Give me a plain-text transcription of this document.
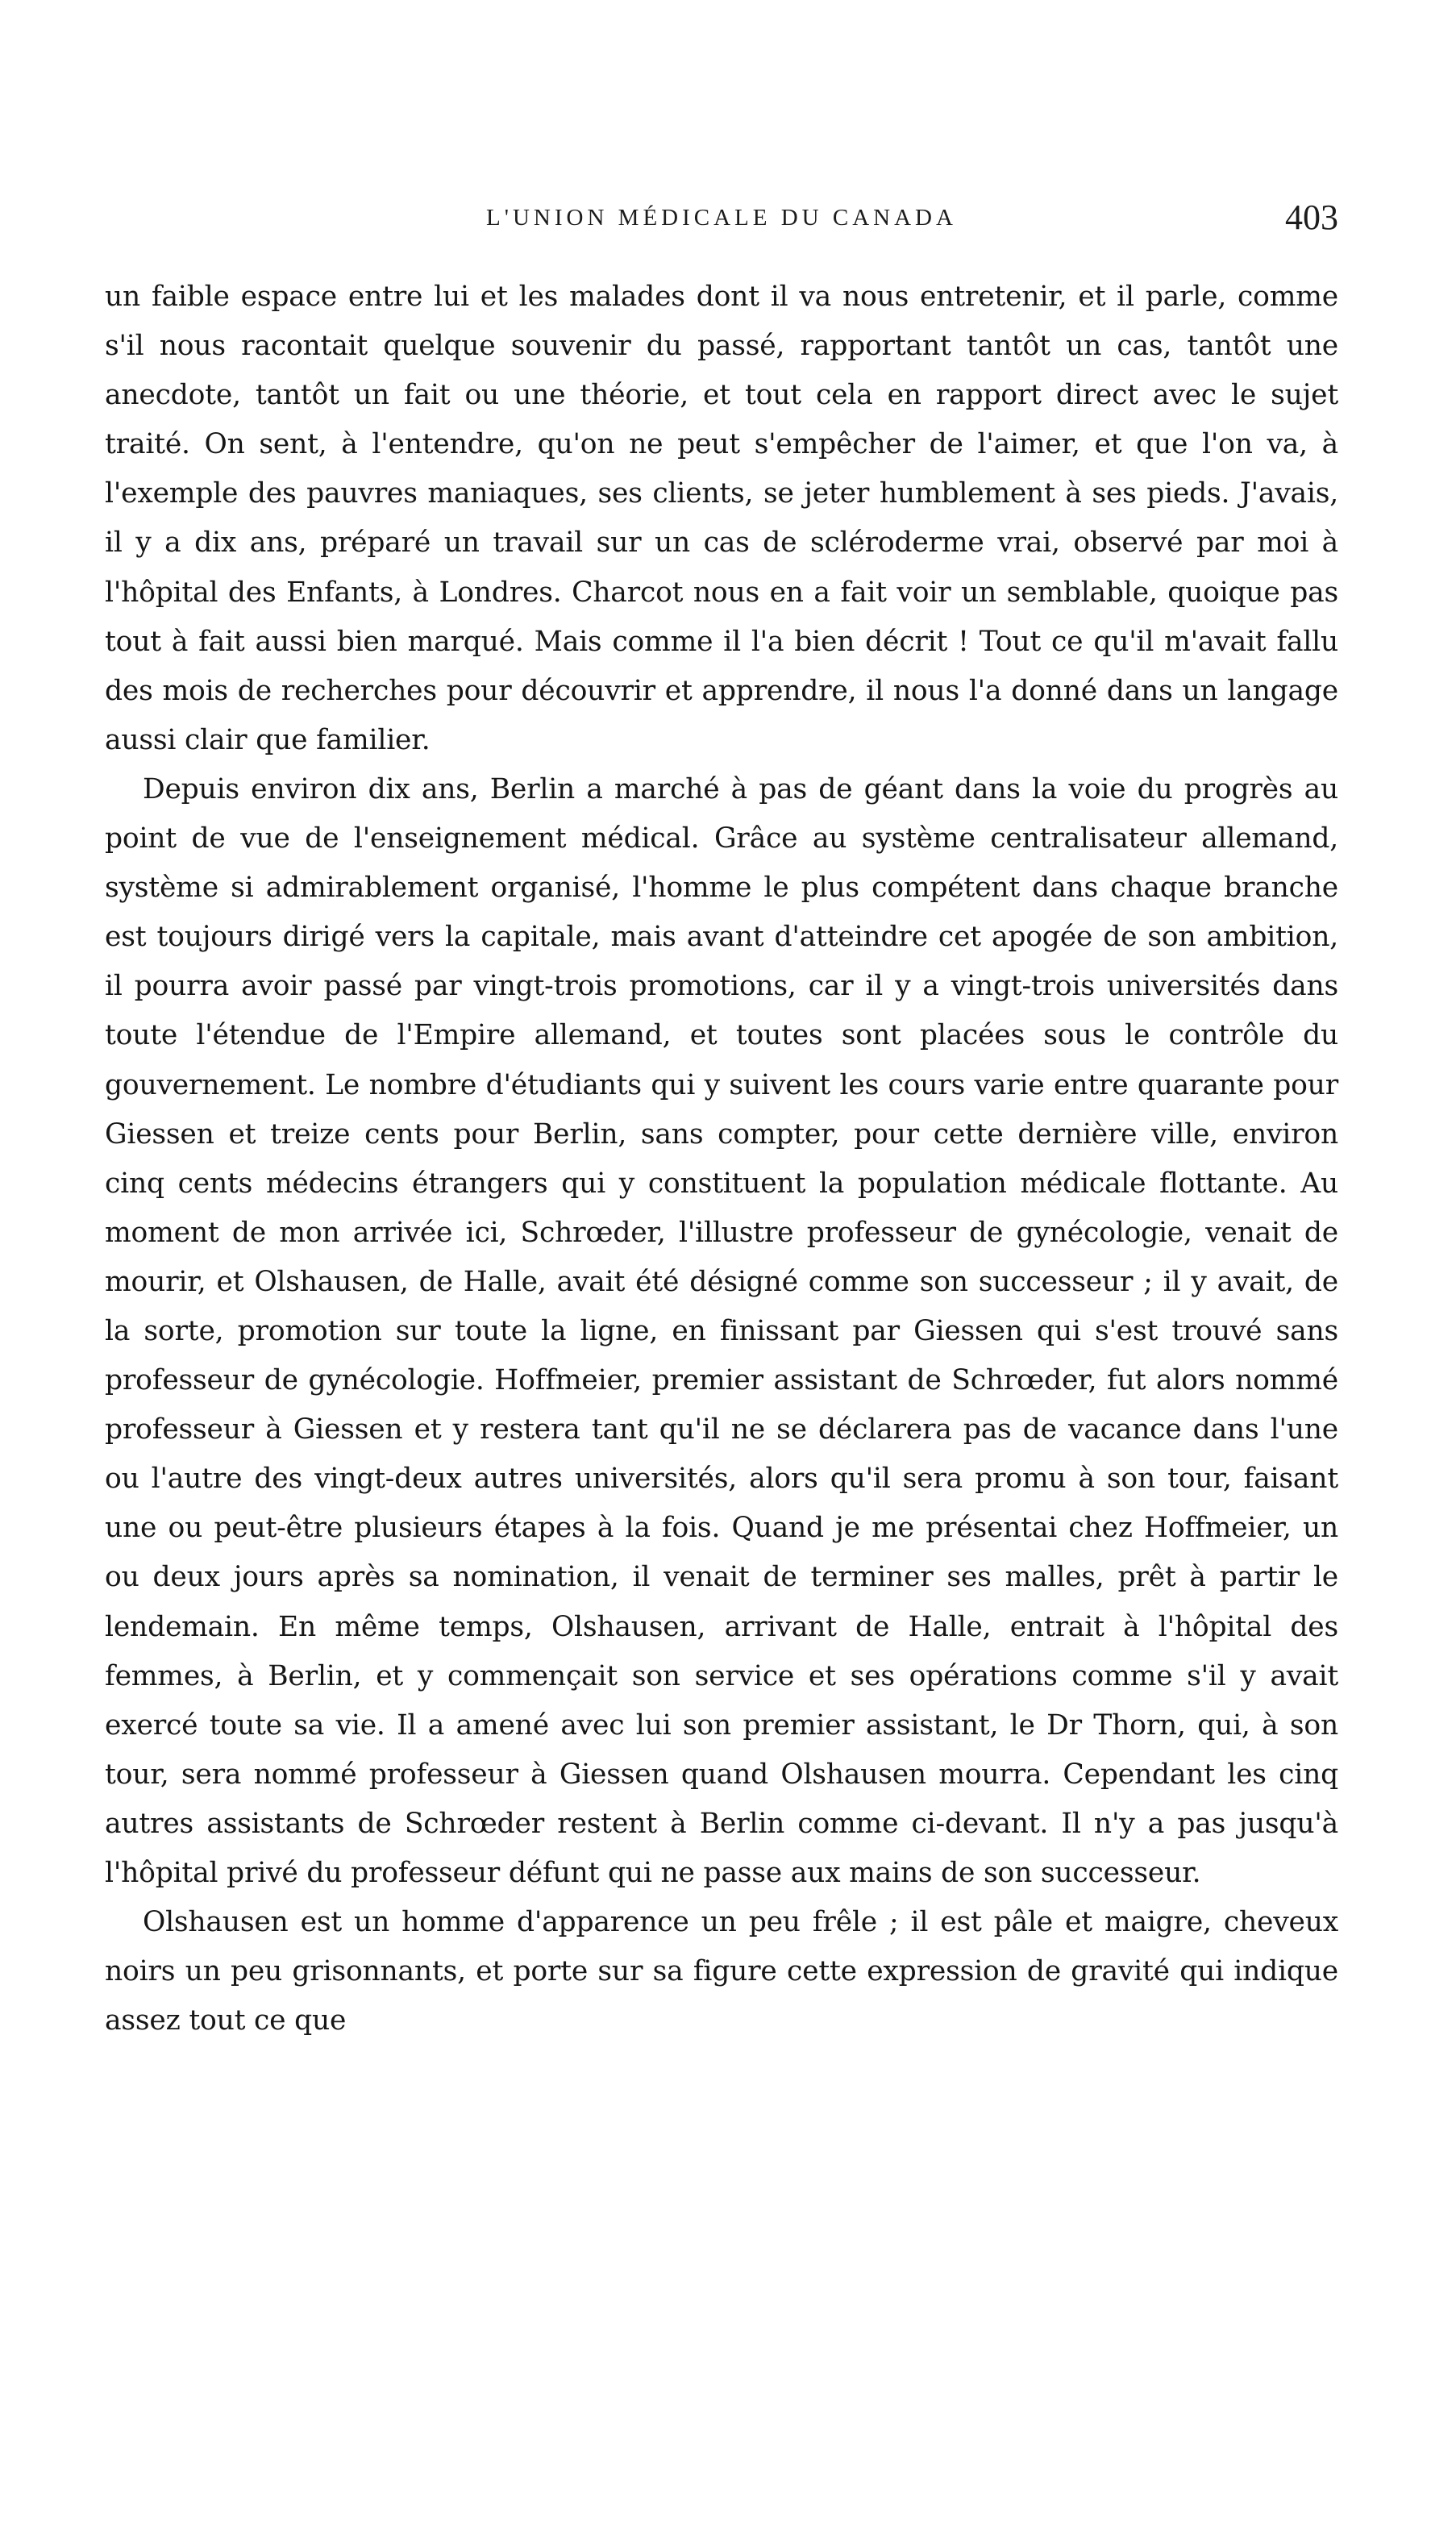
L'UNION MÉDICALE DU CANADA	403

un faible espace entre lui et les malades dont il va nous entretenir, et il parle, comme s'il nous racontait quelque souvenir du passé, rapportant tantôt un cas, tantôt une anecdote, tantôt un fait ou une théorie, et tout cela en rapport direct avec le sujet traité. On sent, à l'entendre, qu'on ne peut s'empêcher de l'aimer, et que l'on va, à l'exemple des pauvres maniaques, ses clients, se jeter humblement à ses pieds. J'avais, il y a dix ans, préparé un travail sur un cas de scléroderme vrai, observé par moi à l'hôpital des Enfants, à Londres. Charcot nous en a fait voir un semblable, quoique pas tout à fait aussi bien marqué. Mais comme il l'a bien décrit ! Tout ce qu'il m'avait fallu des mois de recherches pour découvrir et apprendre, il nous l'a donné dans un langage aussi clair que familier.

Depuis environ dix ans, Berlin a marché à pas de géant dans la voie du progrès au point de vue de l'enseignement médical. Grâce au système centralisateur allemand, système si admirablement organisé, l'homme le plus compétent dans chaque branche est toujours dirigé vers la capitale, mais avant d'atteindre cet apogée de son ambition, il pourra avoir passé par vingt-trois promotions, car il y a vingt-trois universités dans toute l'étendue de l'Empire allemand, et toutes sont placées sous le contrôle du gouvernement. Le nombre d'étudiants qui y suivent les cours varie entre quarante pour Giessen et treize cents pour Berlin, sans compter, pour cette dernière ville, environ cinq cents médecins étrangers qui y constituent la population médicale flottante. Au moment de mon arrivée ici, Schrœder, l'illustre professeur de gynécologie, venait de mourir, et Olshausen, de Halle, avait été désigné comme son successeur ; il y avait, de la sorte, promotion sur toute la ligne, en finissant par Giessen qui s'est trouvé sans professeur de gynécologie. Hoffmeier, premier assistant de Schrœder, fut alors nommé professeur à Giessen et y restera tant qu'il ne se déclarera pas de vacance dans l'une ou l'autre des vingt-deux autres universités, alors qu'il sera promu à son tour, faisant une ou peut-être plusieurs étapes à la fois. Quand je me présentai chez Hoffmeier, un ou deux jours après sa nomination, il venait de terminer ses malles, prêt à partir le lendemain. En même temps, Olshausen, arrivant de Halle, entrait à l'hôpital des femmes, à Berlin, et y commençait son service et ses opérations comme s'il y avait exercé toute sa vie. Il a amené avec lui son premier assistant, le Dr Thorn, qui, à son tour, sera nommé professeur à Giessen quand Olshausen mourra. Cependant les cinq autres assistants de Schrœder restent à Berlin comme ci-devant. Il n'y a pas jusqu'à l'hôpital privé du professeur défunt qui ne passe aux mains de son successeur.

Olshausen est un homme d'apparence un peu frêle ; il est pâle et maigre, cheveux noirs un peu grisonnants, et porte sur sa figure cette expression de gravité qui indique assez tout ce que
